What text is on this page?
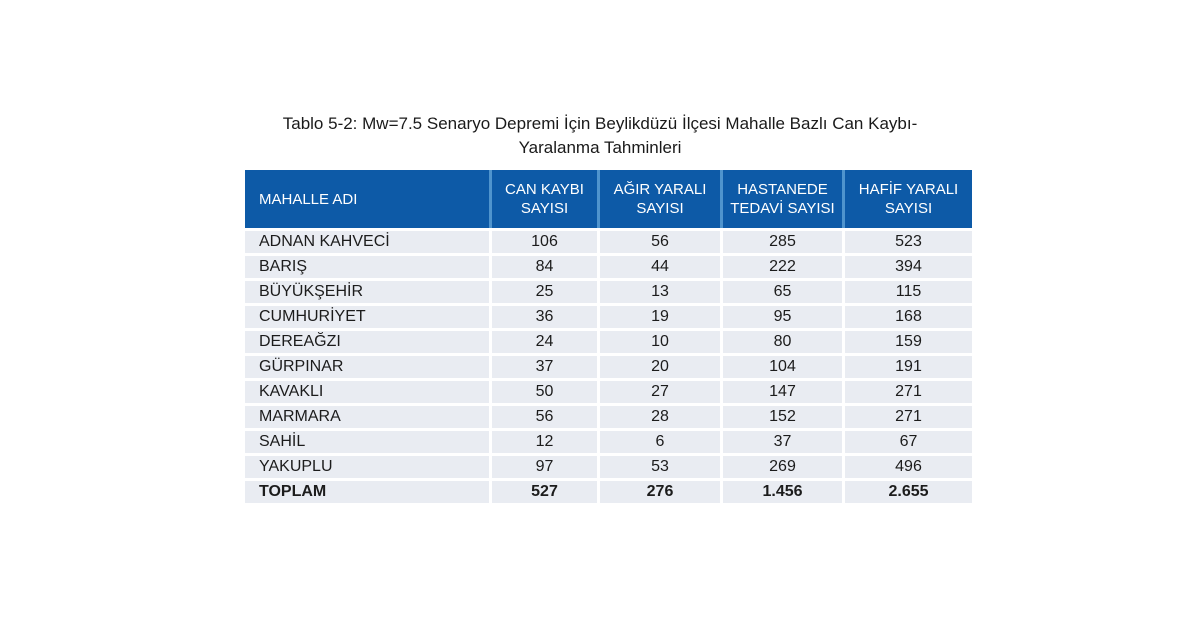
Tablo 5-2: Mw=7.5 Senaryo Depremi İçin Beylikdüzü İlçesi Mahalle Bazlı Can Kaybı-
Yaralanma Tahminleri
MAHALLE ADI	CAN KAYBI SAYISI	AĞIR YARALI SAYISI	HASTANEDE TEDAVİ SAYISI	HAFİF YARALI SAYISI
ADNAN KAHVECİ	106	56	285	523
BARIŞ	84	44	222	394
BÜYÜKŞEHİR	25	13	65	115
CUMHURİYET	36	19	95	168
DEREAĞZI	24	10	80	159
GÜRPINAR	37	20	104	191
KAVAKLI	50	27	147	271
MARMARA	56	28	152	271
SAHİL	12	6	37	67
YAKUPLU	97	53	269	496
TOPLAM	527	276	1.456	2.655
